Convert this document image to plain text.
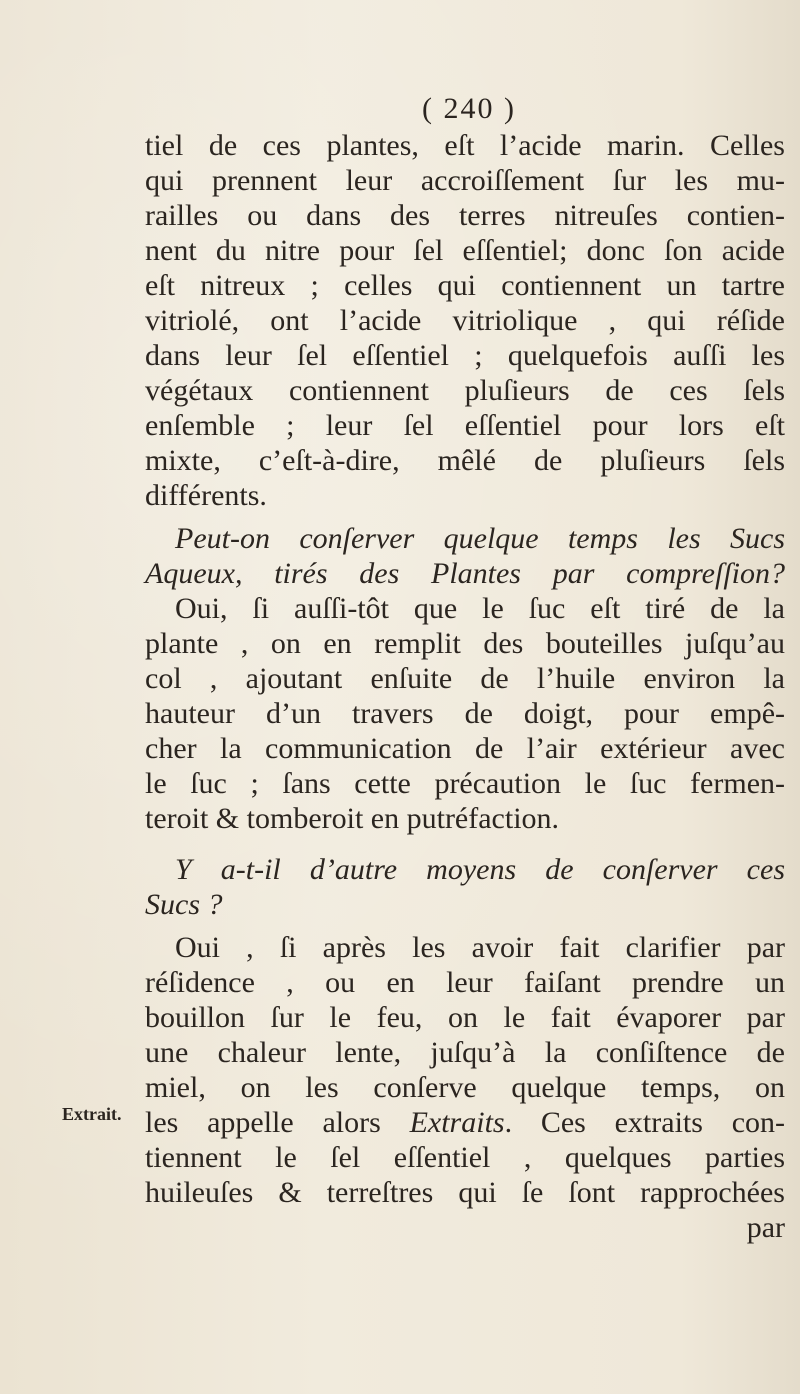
( 240 )
tiel de ces plantes, eſt l’acide marin. Celles
qui prennent leur accroiſſement ſur les mu-
railles ou dans des terres nitreuſes contien-
nent du nitre pour ſel eſſentiel; donc ſon acide
eſt nitreux ; celles qui contiennent un tartre
vitriolé, ont l’acide vitriolique , qui réſide
dans leur ſel eſſentiel ; quelquefois auſſi les
végétaux contiennent pluſieurs de ces ſels
enſemble ; leur ſel eſſentiel pour lors eſt
mixte, c’eſt-à-dire, mêlé de pluſieurs ſels
différents.
Peut-on conſerver quelque temps les Sucs
Aqueux, tirés des Plantes par compreſſion?
Oui, ſi auſſi-tôt que le ſuc eſt tiré de la
plante , on en remplit des bouteilles juſqu’au
col , ajoutant enſuite de l’huile environ la
hauteur d’un travers de doigt, pour empê-
cher la communication de l’air extérieur avec
le ſuc ; ſans cette précaution le ſuc fermen-
teroit & tomberoit en putréfaction.
Y a-t-il d’autre moyens de conſerver ces
Sucs ?
Oui , ſi après les avoir fait clarifier par
réſidence , ou en leur faiſant prendre un
bouillon ſur le feu, on le fait évaporer par
une chaleur lente, juſqu’à la conſiſtence de
miel, on les conſerve quelque temps, on
les appelle alors Extraits. Ces extraits con-
tiennent le ſel eſſentiel , quelques parties
huileuſes & terreſtres qui ſe ſont rapprochées
par
Extrait.
